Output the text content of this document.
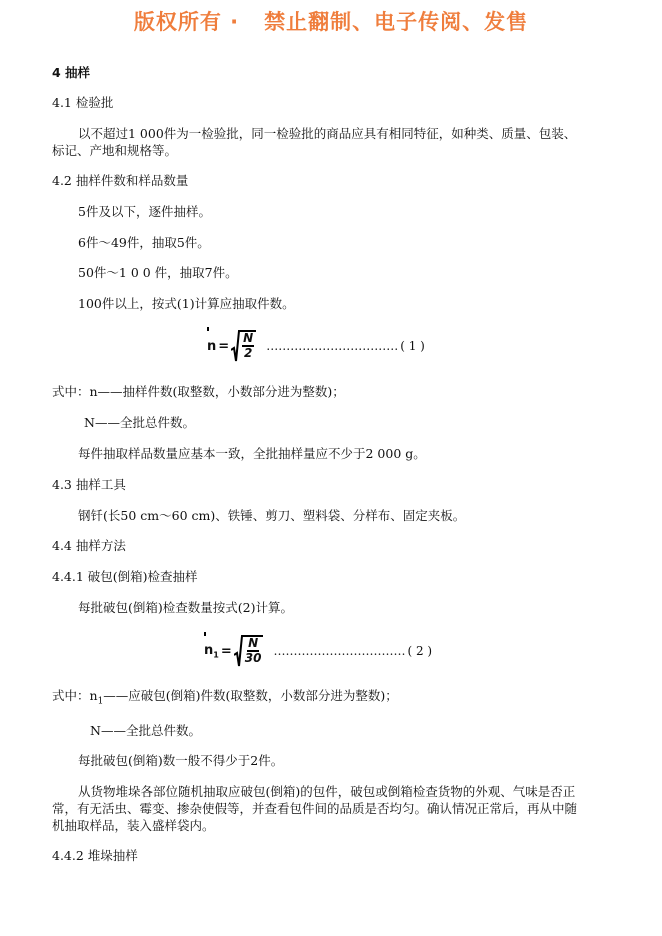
版权所有 ·   禁止翻制、电子传阅、发售
4 抽样
4.1 检验批
以不超过1 000件为一检验批，同一检验批的商品应具有相同特征，如种类、质量、包装、
标记、产地和规格等。
4.2 抽样件数和样品数量
5件及以下，逐件抽样。
6件～49件，抽取5件。
50件～1 0 0 件，抽取7件。
100件以上，按式(1)计算应抽取件数。
$n = \frac{N}{2}$ …………………………… ( 1 )
式中：n——抽样件数(取整数，小数部分进为整数)；
N——全批总件数。
每件抽取样品数量应基本一致，全批抽样量应不少于2 000 g。
4.3 抽样工具
钢钎(长50 cm～60 cm)、铁锤、剪刀、塑料袋、分样布、固定夹板。
4.4 抽样方法
4.4.1 破包(倒箱)检查抽样
每批破包(倒箱)检查数量按式(2)计算。
$n_1 = \frac{N}{30}$ …………………………… ( 2 )
式中：$n_1——$应破包(倒箱)件数(取整数，小数部分进为整数)；
N——全批总件数。
每批破包(倒箱)数一般不得少于2件。
从货物堆垛各部位随机抽取应破包(倒箱)的包件，破包或倒箱检查货物的外观、气味是否正
常，有无活虫、霉变、掺杂使假等，并查看包件间的品质是否均匀。确认情况正常后，再从中随
机抽取样品，装入盛样袋内。
4.4.2 堆垛抽样
